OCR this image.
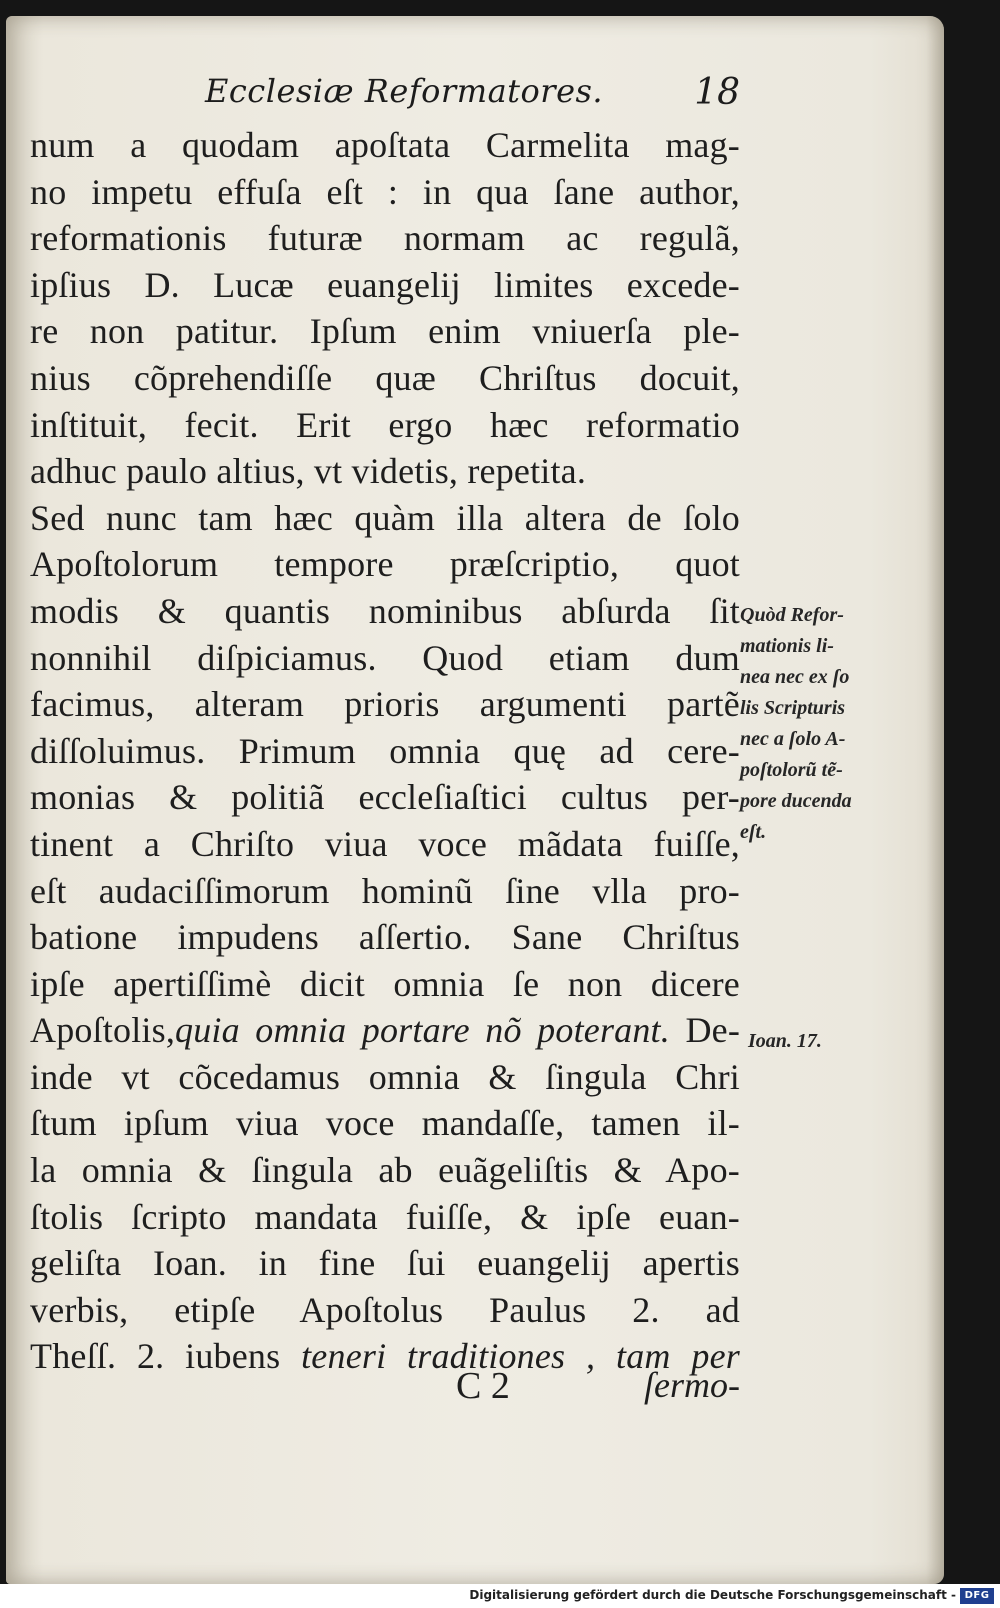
Ecclesiæ Reformatores.	18
num a quodam apoſtata Carmelita mag-
no impetu effuſa eſt : in qua ſane author,
reformationis futuræ normam ac regulã,
ipſius D. Lucæ euangelij limites excede-
re non patitur. Ipſum enim vniuerſa ple-
nius cõprehendiſſe quæ Chriſtus docuit,
inſtituit, fecit. Erit ergo hæc reformatio
adhuc paulo altius, vt videtis, repetita.
Sed nunc tam hæc quàm illa altera de ſolo
Apoſtolorum tempore præſcriptio, quot
modis & quantis nominibus abſurda ſit
nonnihil diſpiciamus. Quod etiam dum
facimus, alteram prioris argumenti partẽ
diſſoluimus. Primum omnia quę ad cere-
monias & politiã eccleſiaſtici cultus per-
tinent a Chriſto viua voce mãdata fuiſſe,
eſt audaciſſimorum hominũ ſine vlla pro-
batione impudens aſſertio. Sane Chriſtus
ipſe apertiſſimè dicit omnia ſe non dicere
Apoſtolis,quia omnia portare nõ poterant. De-
inde vt cõcedamus omnia & ſingula Chri
ſtum ipſum viua voce mandaſſe, tamen il-
la omnia & ſingula ab euãgeliſtis & Apo-
ſtolis ſcripto mandata fuiſſe, & ipſe euan-
geliſta Ioan. in fine ſui euangelij apertis
verbis, etipſe Apoſtolus Paulus 2. ad
Theſſ. 2. iubens teneri traditiones , tam per
Quòd Refor-
mationis li-
nea nec ex ſo
lis Scripturis
nec a ſolo A-
poſtolorũ tẽ-
pore ducenda
eſt.
Ioan. 17.
C 2	ſermo-
Digitalisierung gefördert durch die Deutsche Forschungsgemeinschaft - DFG
